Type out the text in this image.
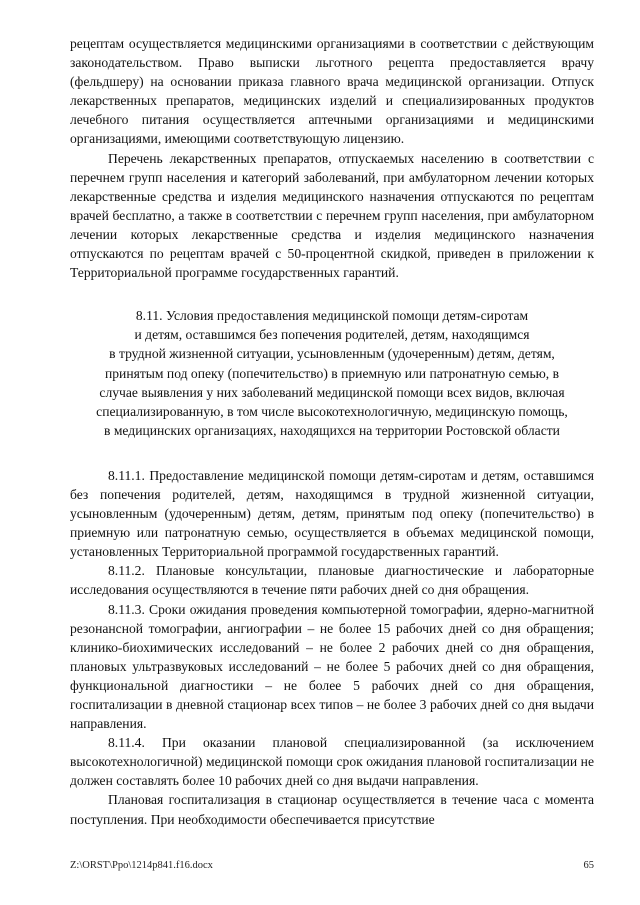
рецептам осуществляется медицинскими организациями в соответствии с действующим законодательством. Право выписки льготного рецепта предоставляется врачу (фельдшеру) на основании приказа главного врача медицинской организации. Отпуск лекарственных препаратов, медицинских изделий и специализированных продуктов лечебного питания осуществляется аптечными организациями и медицинскими организациями, имеющими соответствующую лицензию.

Перечень лекарственных препаратов, отпускаемых населению в соответствии с перечнем групп населения и категорий заболеваний, при амбулаторном лечении которых лекарственные средства и изделия медицинского назначения отпускаются по рецептам врачей бесплатно, а также в соответствии с перечнем групп населения, при амбулаторном лечении которых лекарственные средства и изделия медицинского назначения отпускаются по рецептам врачей с 50-процентной скидкой, приведен в приложении к Территориальной программе государственных гарантий.

8.11. Условия предоставления медицинской помощи детям-сиротам
и детям, оставшимся без попечения родителей, детям, находящимся
в трудной жизненной ситуации, усыновленным (удочеренным) детям, детям,
принятым под опеку (попечительство) в приемную или патронатную семью, в
случае выявления у них заболеваний медицинской помощи всех видов, включая
специализированную, в том числе высокотехнологичную, медицинскую помощь,
в медицинских организациях, находящихся на территории Ростовской области

8.11.1. Предоставление медицинской помощи детям-сиротам и детям, оставшимся без попечения родителей, детям, находящимся в трудной жизненной ситуации, усыновленным (удочеренным) детям, детям, принятым под опеку (попечительство) в приемную или патронатную семью, осуществляется в объемах медицинской помощи, установленных Территориальной программой государственных гарантий.

8.11.2. Плановые консультации, плановые диагностические и лабораторные исследования осуществляются в течение пяти рабочих дней со дня обращения.

8.11.3. Сроки ожидания проведения компьютерной томографии, ядерно-магнитной резонансной томографии, ангиографии – не более 15 рабочих дней со дня обращения; клинико-биохимических исследований – не более 2 рабочих дней со дня обращения, плановых ультразвуковых исследований – не более 5 рабочих дней со дня обращения, функциональной диагностики – не более 5 рабочих дней со дня обращения, госпитализации в дневной стационар всех типов – не более 3 рабочих дней со дня выдачи направления.

8.11.4. При оказании плановой специализированной (за исключением высокотехнологичной) медицинской помощи срок ожидания плановой госпитализации не должен составлять более 10 рабочих дней со дня выдачи направления.

Плановая госпитализация в стационар осуществляется в течение часа с момента поступления. При необходимости обеспечивается присутствие

Z:\ORST\Ppo\1214p841.f16.docx	65
